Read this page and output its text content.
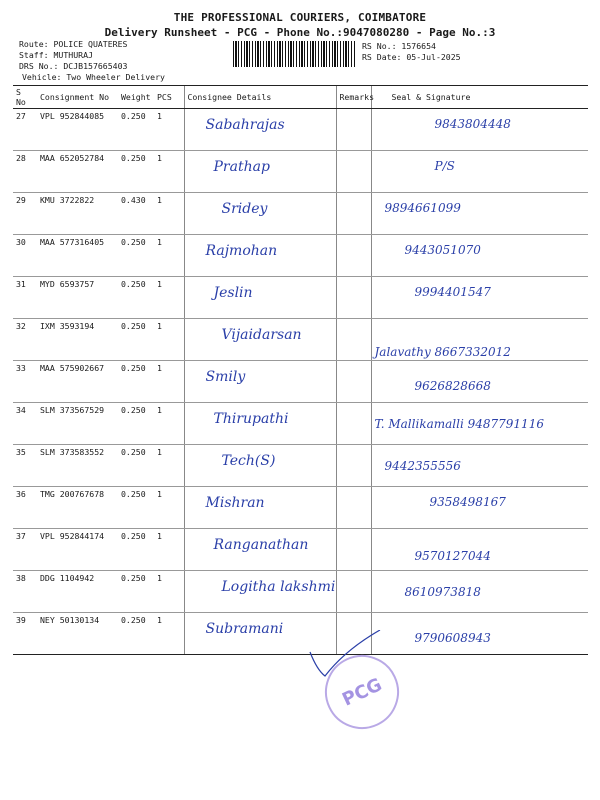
THE PROFESSIONAL COURIERS, COIMBATORE
Delivery Runsheet - PCG - Phone No.:9047080280 - Page No.:3
Route: POLICE QUATERES
Staff: MUTHURAJ
DRS No.: DCJB157665403
Vehicle: Two Wheeler Delivery
RS No.: 1576654
RS Date: 05-Jul-2025
S No	Consignment No	Weight	PCS	Consignee Details	Remarks	Seal & Signature
27	VPL 952844085	0.250	1	Sabahrajas		9843804448
28	MAA 652052784	0.250	1	Prathap		P/S
29	KMU 3722822	0.430	1	Sridey		9894661099
30	MAA 577316405	0.250	1	Rajmohan		9443051070
31	MYD 6593757	0.250	1	Jeslin		9994401547
32	IXM 3593194	0.250	1	Vijaidarsan		Jalavathy 8667332012
33	MAA 575902667	0.250	1	Smily		9626828668
34	SLM 373567529	0.250	1	Thirupathi		T. Mallikamalli 9487791116
35	SLM 373583552	0.250	1	Tech(S)		9442355556
36	TMG 200767678	0.250	1	Mishran		9358498167
37	VPL 952844174	0.250	1	Ranganathan		9570127044
38	DDG 1104942	0.250	1	Logitha lakshmi		8610973818
39	NEY 50130134	0.250	1	Subramani		9790608943
PCG
